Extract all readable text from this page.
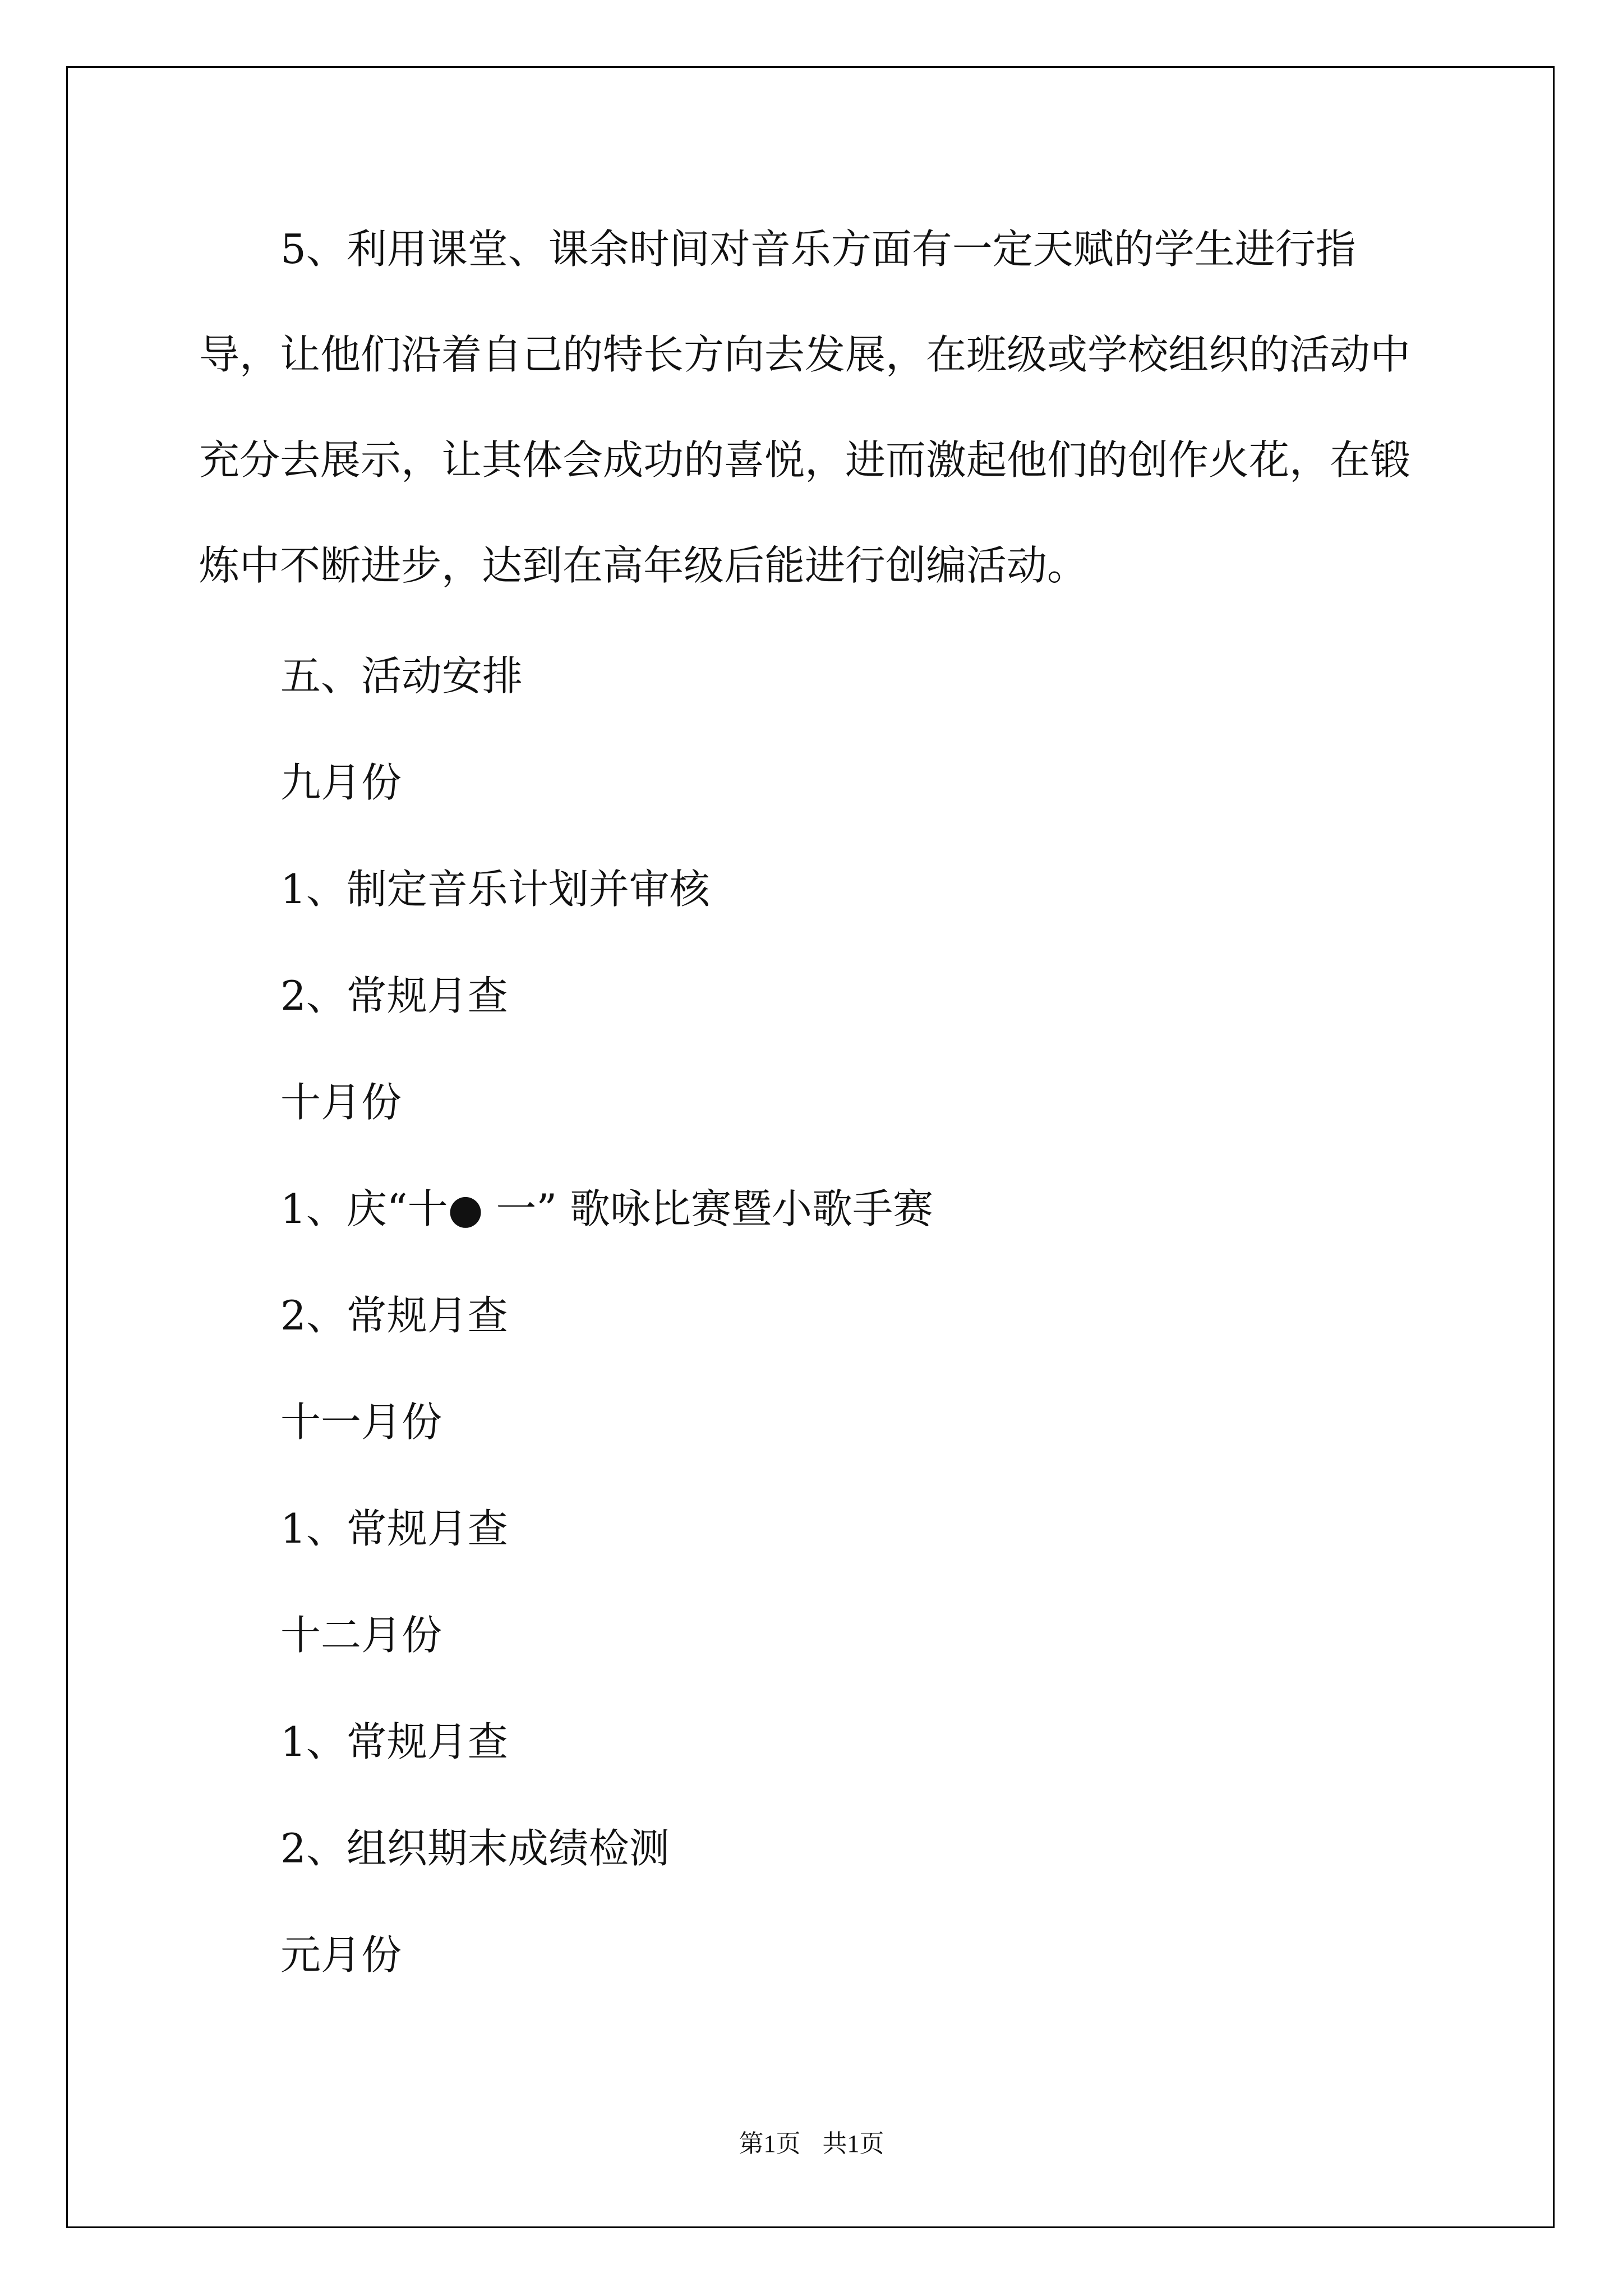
5、利用课堂、课余时间对音乐方面有一定天赋的学生进行指导，让他们沿着自己的特长方向去发展，在班级或学校组织的活动中充分去展示，让其体会成功的喜悦，进而激起他们的创作火花，在锻炼中不断进步，达到在高年级后能进行创编活动。

五、活动安排

九月份

1、制定音乐计划并审核

2、常规月查

十月份

1、庆“十● 一” 歌咏比赛暨小歌手赛

2、常规月查

十一月份

1、常规月查

十二月份

1、常规月查

2、组织期末成绩检测

元月份

第1页 共1页
